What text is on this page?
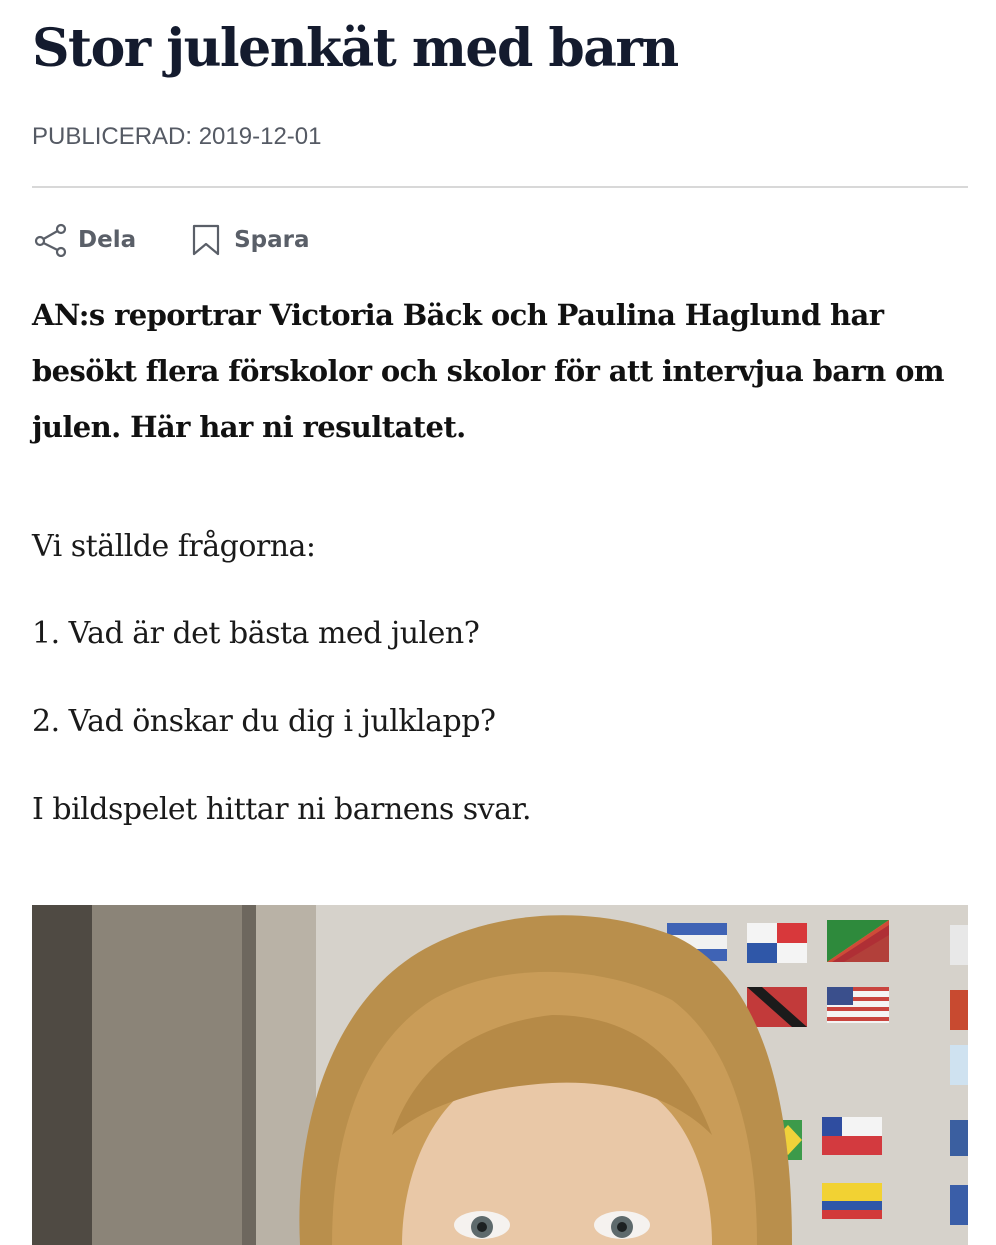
Stor julenkät med barn
PUBLICERAD: 2019-12-01
Dela	Spara

AN:s reportrar Victoria Bäck och Paulina Haglund har besökt flera förskolor och skolor för att intervjua barn om julen. Här har ni resultatet.

Vi ställde frågorna:

1. Vad är det bästa med julen?

2. Vad önskar du dig i julklapp?

I bildspelet hittar ni barnens svar.
